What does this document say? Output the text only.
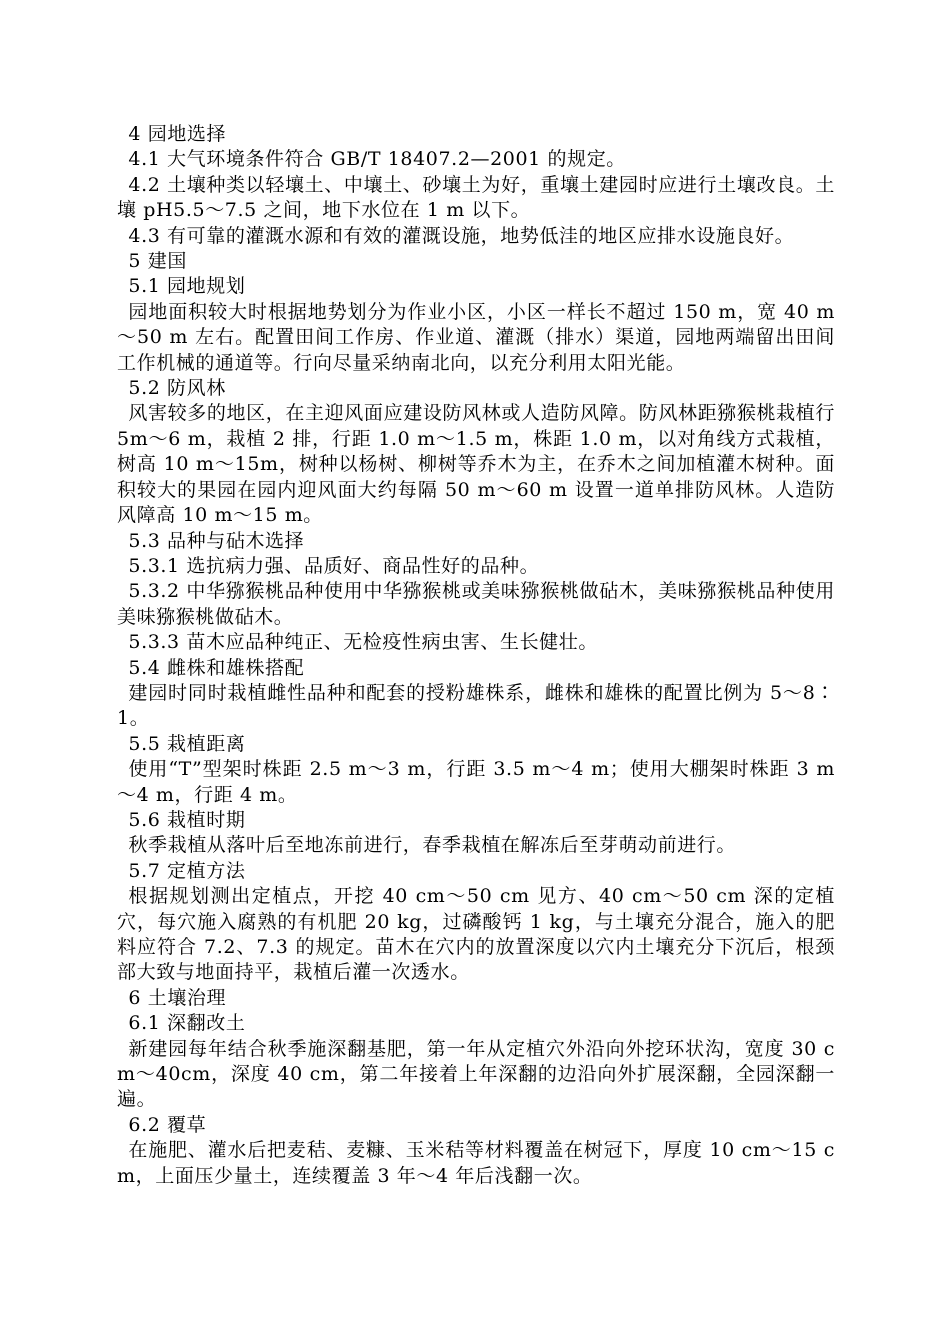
4 园地选择
4.1 大气环境条件符合 GB/T 18407.2—2001 的规定。
4.2 土壤种类以轻壤土、中壤土、砂壤土为好，重壤土建园时应进行土壤改良。土壤 pH5.5～7.5 之间，地下水位在 1 m 以下。
4.3 有可靠的灌溉水源和有效的灌溉设施，地势低洼的地区应排水设施良好。
5 建国
5.1 园地规划
园地面积较大时根据地势划分为作业小区，小区一样长不超过 150 m，宽 40 m～50 m 左右。配置田间工作房、作业道、灌溉（排水）渠道，园地两端留出田间工作机械的通道等。行向尽量采纳南北向，以充分利用太阳光能。
5.2 防风林
风害较多的地区，在主迎风面应建设防风林或人造防风障。防风林距猕猴桃栽植行 5m～6 m，栽植 2 排，行距 1.0 m～1.5 m，株距 1.0 m，以对角线方式栽植，树高 10 m～15m，树种以杨树、柳树等乔木为主，在乔木之间加植灌木树种。面积较大的果园在园内迎风面大约每隔 50 m～60 m 设置一道单排防风林。人造防风障高 10 m～15 m。
5.3 品种与砧木选择
5.3.1 选抗病力强、品质好、商品性好的品种。
5.3.2 中华猕猴桃品种使用中华猕猴桃或美味猕猴桃做砧木，美味猕猴桃品种使用美味猕猴桃做砧木。
5.3.3 苗木应品种纯正、无检疫性病虫害、生长健壮。
5.4 雌株和雄株搭配
建园时同时栽植雌性品种和配套的授粉雄株系，雌株和雄株的配置比例为 5～8∶1。
5.5 栽植距离
使用“T”型架时株距 2.5 m～3 m，行距 3.5 m～4 m；使用大棚架时株距 3 m～4 m，行距 4 m。
5.6 栽植时期
秋季栽植从落叶后至地冻前进行，春季栽植在解冻后至芽萌动前进行。
5.7 定植方法
根据规划测出定植点，开挖 40 cm～50 cm 见方、40 cm～50 cm 深的定植穴，每穴施入腐熟的有机肥 20 kg，过磷酸钙 1 kg，与土壤充分混合，施入的肥料应符合 7.2、7.3 的规定。苗木在穴内的放置深度以穴内土壤充分下沉后，根颈部大致与地面持平，栽植后灌一次透水。
6 土壤治理
6.1 深翻改土
新建园每年结合秋季施深翻基肥，第一年从定植穴外沿向外挖环状沟，宽度 30 cm～40cm，深度 40 cm，第二年接着上年深翻的边沿向外扩展深翻，全园深翻一遍。
6.2 覆草
在施肥、灌水后把麦秸、麦糠、玉米秸等材料覆盖在树冠下，厚度 10 cm～15 cm，上面压少量土，连续覆盖 3 年～4 年后浅翻一次。
